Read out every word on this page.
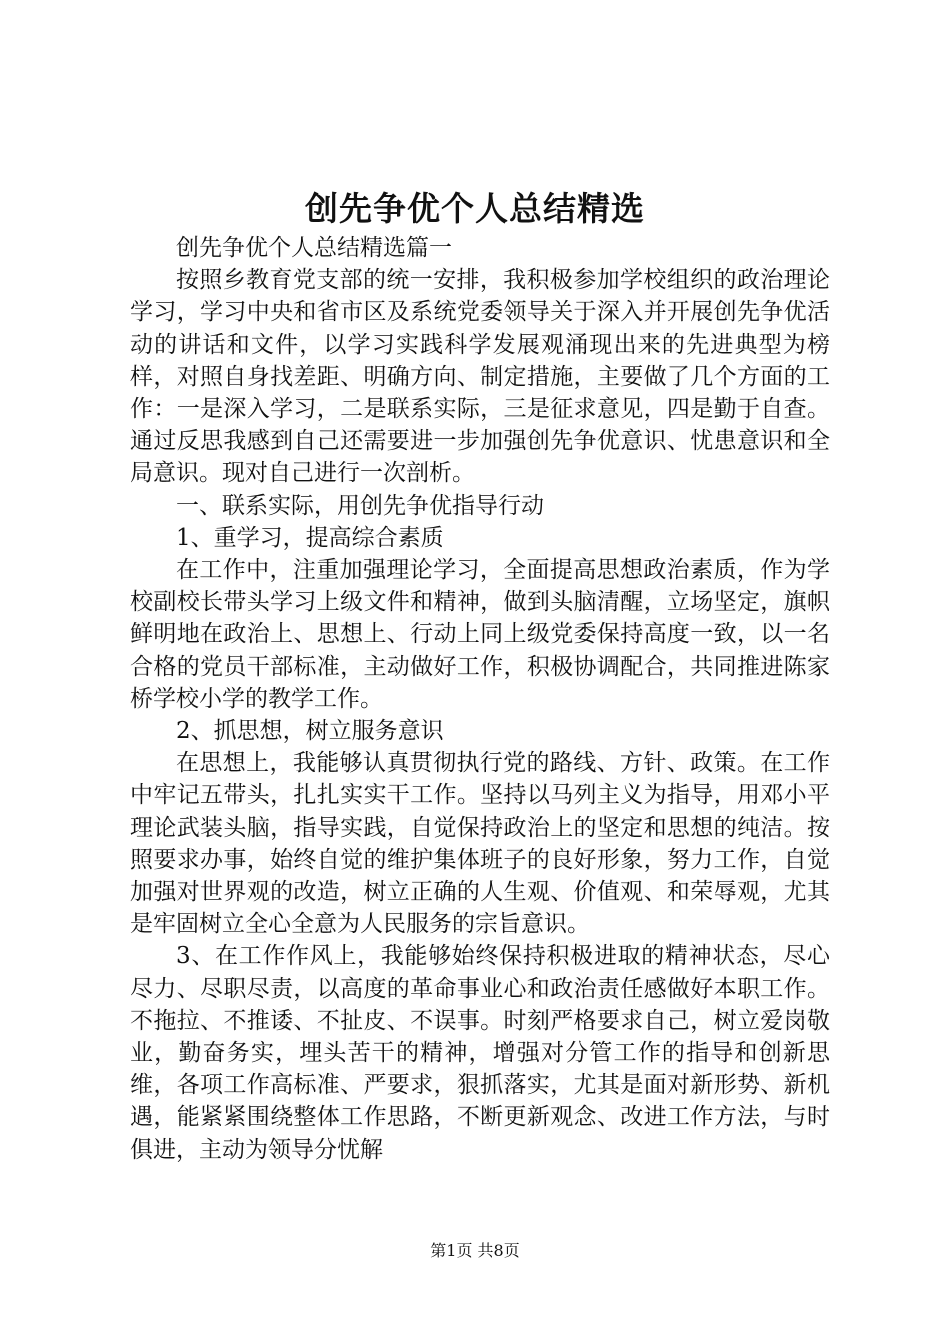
创先争优个人总结精选

创先争优个人总结精选篇一

按照乡教育党支部的统一安排，我积极参加学校组织的政治理论学习，学习中央和省市区及系统党委领导关于深入并开展创先争优活动的讲话和文件，以学习实践科学发展观涌现出来的先进典型为榜样，对照自身找差距、明确方向、制定措施，主要做了几个方面的工作：一是深入学习，二是联系实际，三是征求意见，四是勤于自查。通过反思我感到自己还需要进一步加强创先争优意识、忧患意识和全局意识。现对自己进行一次剖析。

一、联系实际，用创先争优指导行动

1、重学习，提高综合素质

在工作中，注重加强理论学习，全面提高思想政治素质，作为学校副校长带头学习上级文件和精神，做到头脑清醒，立场坚定，旗帜鲜明地在政治上、思想上、行动上同上级党委保持高度一致，以一名合格的党员干部标准，主动做好工作，积极协调配合，共同推进陈家桥学校小学的教学工作。

2、抓思想，树立服务意识

在思想上，我能够认真贯彻执行党的路线、方针、政策。在工作中牢记五带头，扎扎实实干工作。坚持以马列主义为指导，用邓小平理论武装头脑，指导实践，自觉保持政治上的坚定和思想的纯洁。按照要求办事，始终自觉的维护集体班子的良好形象，努力工作，自觉加强对世界观的改造，树立正确的人生观、价值观、和荣辱观，尤其是牢固树立全心全意为人民服务的宗旨意识。

3、在工作作风上，我能够始终保持积极进取的精神状态，尽心尽力、尽职尽责，以高度的革命事业心和政治责任感做好本职工作。不拖拉、不推诿、不扯皮、不误事。时刻严格要求自己，树立爱岗敬业，勤奋务实，埋头苦干的精神，增强对分管工作的指导和创新思维，各项工作高标准、严要求，狠抓落实，尤其是面对新形势、新机遇，能紧紧围绕整体工作思路，不断更新观念、改进工作方法，与时俱进，主动为领导分忧解

第1页 共8页
